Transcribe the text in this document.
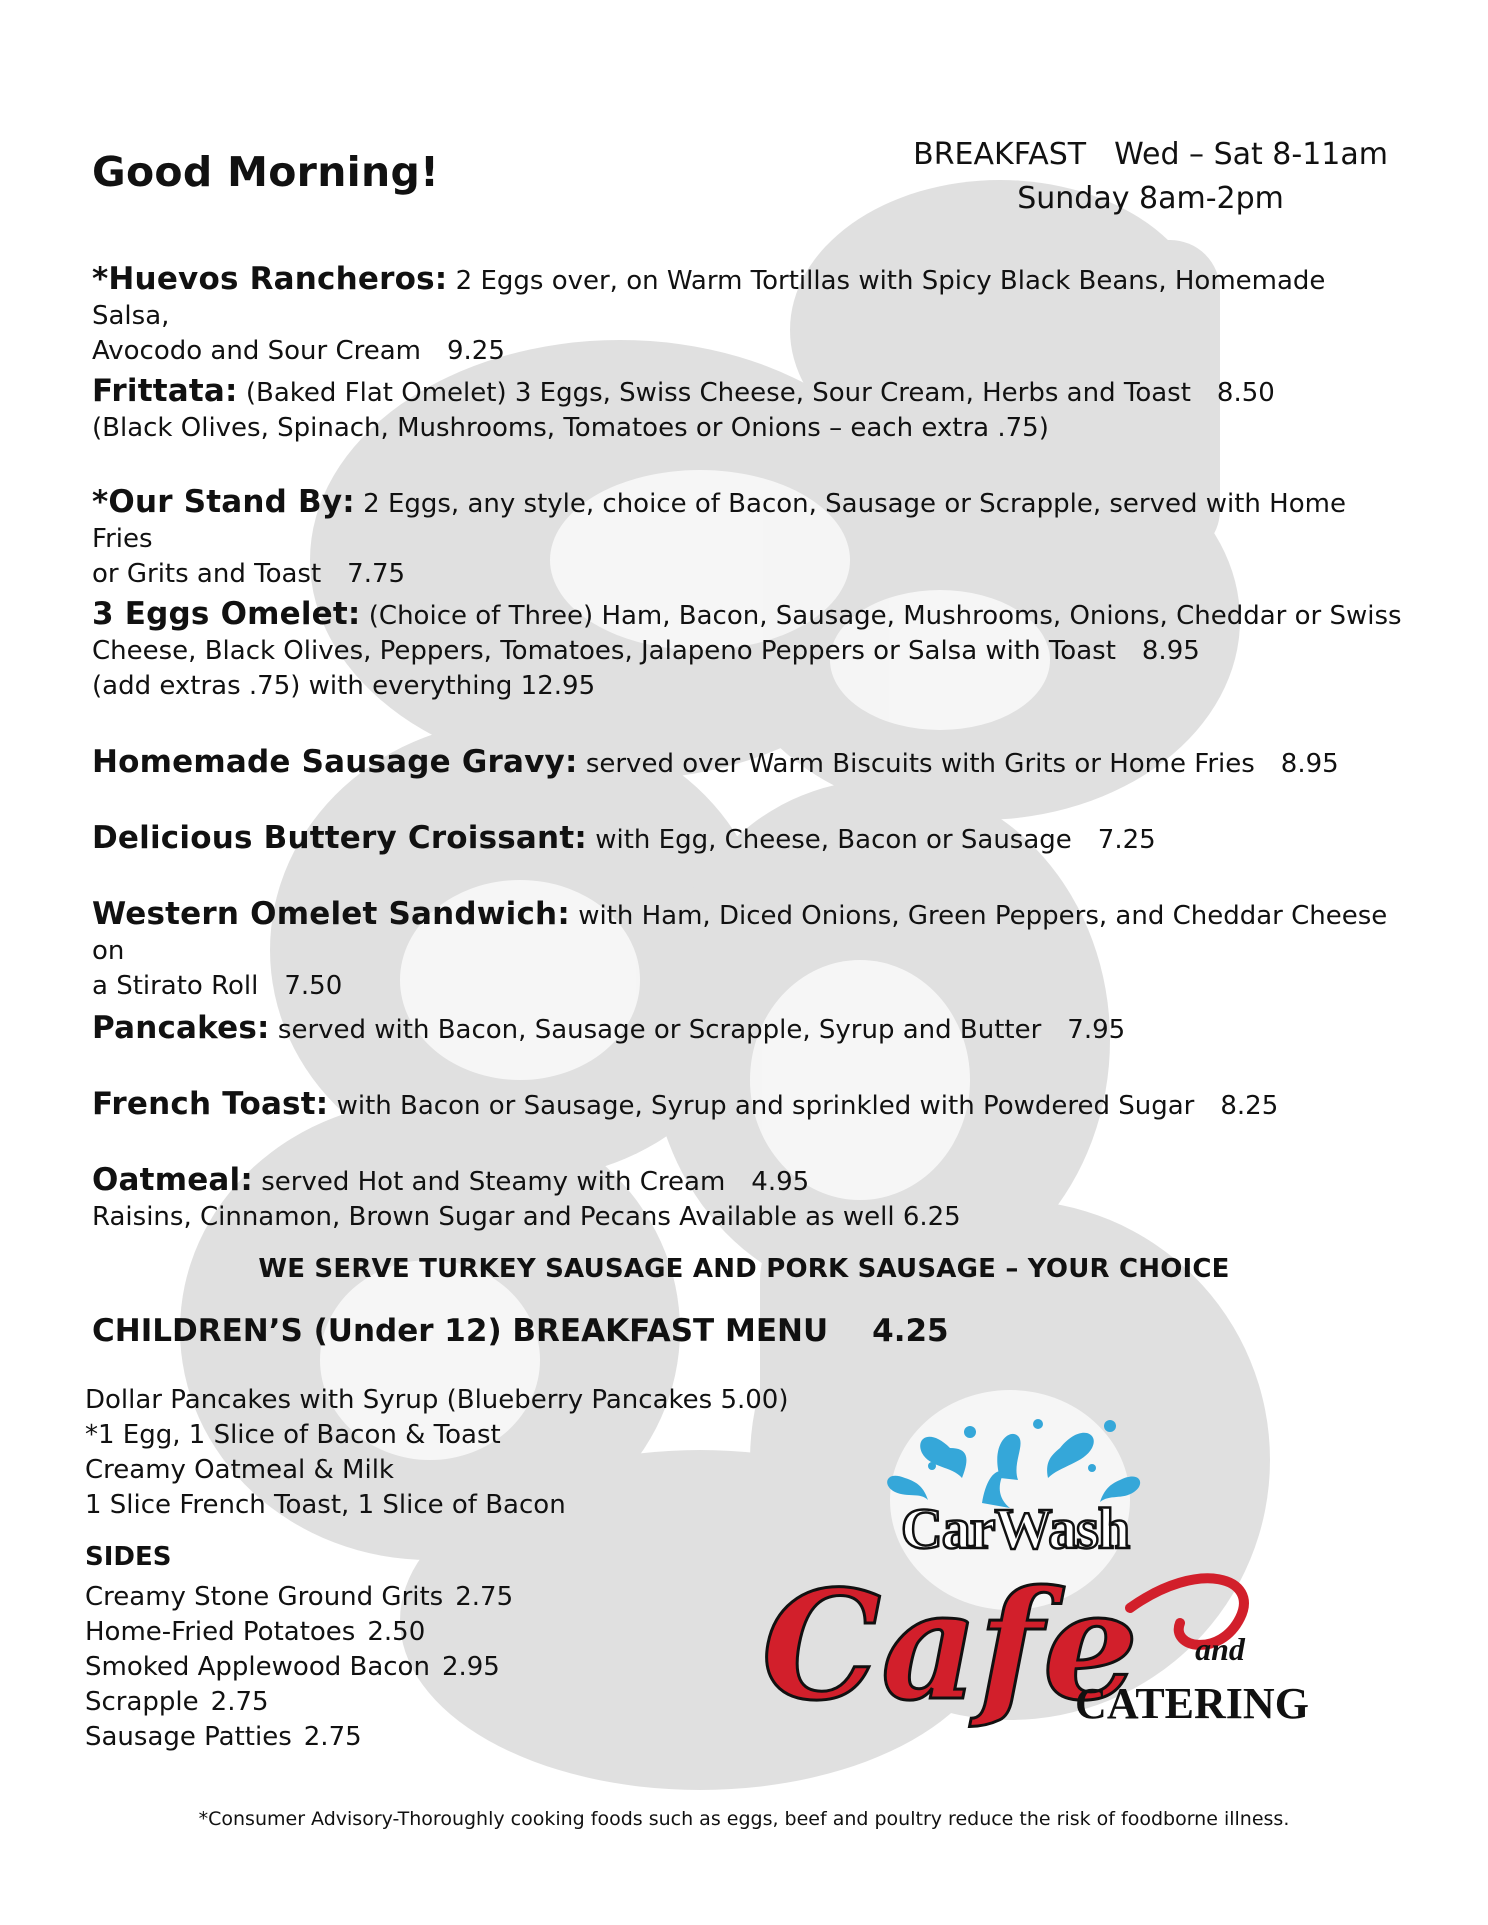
Good Morning!	BREAKFAST Wed – Sat 8-11am
Sunday 8am-2pm
*Huevos Rancheros: 2 Eggs over, on Warm Tortillas with Spicy Black Beans, Homemade Salsa,
Avocodo and Sour Cream 9.25
Frittata: (Baked Flat Omelet) 3 Eggs, Swiss Cheese, Sour Cream, Herbs and Toast 8.50
(Black Olives, Spinach, Mushrooms, Tomatoes or Onions – each extra .75)
*Our Stand By: 2 Eggs, any style, choice of Bacon, Sausage or Scrapple, served with Home Fries
or Grits and Toast 7.75
3 Eggs Omelet: (Choice of Three) Ham, Bacon, Sausage, Mushrooms, Onions, Cheddar or Swiss
Cheese, Black Olives, Peppers, Tomatoes, Jalapeno Peppers or Salsa with Toast 8.95
(add extras .75) with everything 12.95
Homemade Sausage Gravy: served over Warm Biscuits with Grits or Home Fries 8.95
Delicious Buttery Croissant: with Egg, Cheese, Bacon or Sausage 7.25
Western Omelet Sandwich: with Ham, Diced Onions, Green Peppers, and Cheddar Cheese on
a Stirato Roll 7.50
Pancakes: served with Bacon, Sausage or Scrapple, Syrup and Butter 7.95
French Toast: with Bacon or Sausage, Syrup and sprinkled with Powdered Sugar 8.25
Oatmeal: served Hot and Steamy with Cream 4.95
Raisins, Cinnamon, Brown Sugar and Pecans Available as well 6.25
WE SERVE TURKEY SAUSAGE AND PORK SAUSAGE – YOUR CHOICE
CHILDREN’S (Under 12) BREAKFAST MENU 4.25
Dollar Pancakes with Syrup (Blueberry Pancakes 5.00)
*1 Egg, 1 Slice of Bacon & Toast
Creamy Oatmeal & Milk
1 Slice French Toast, 1 Slice of Bacon
SIDES
Creamy Stone Ground Grits 2.75
Home-Fried Potatoes 2.50
Smoked Applewood Bacon 2.95
Scrapple 2.75
Sausage Patties 2.75
CarWash
Cafe and
CATERING
*Consumer Advisory-Thoroughly cooking foods such as eggs, beef and poultry reduce the risk of foodborne illness.
